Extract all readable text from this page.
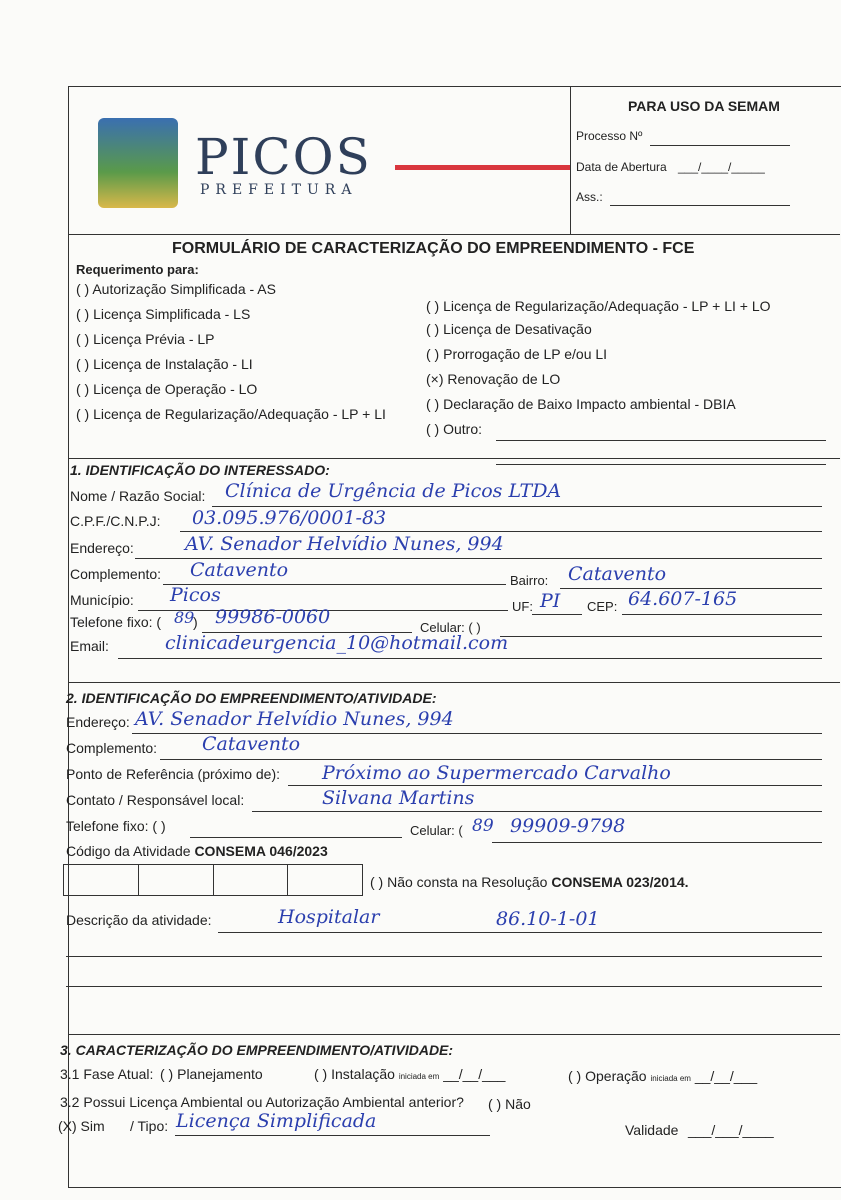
PICOS
PREFEITURA
PARA USO DA SEMAM
Processo Nº
Data de Abertura ___/____/_____
Ass.:
FORMULÁRIO DE CARACTERIZAÇÃO DO EMPREENDIMENTO - FCE
Requerimento para:
( ) Autorização Simplificada - AS
( ) Licença Simplificada - LS
( ) Licença Prévia - LP
( ) Licença de Instalação - LI
( ) Licença de Operação - LO
( ) Licença de Regularização/Adequação - LP + LI
( ) Licença de Regularização/Adequação - LP + LI + LO
( ) Licença de Desativação
( ) Prorrogação de LP e/ou LI
(×) Renovação de LO
( ) Declaração de Baixo Impacto ambiental - DBIA
( ) Outro:
1. IDENTIFICAÇÃO DO INTERESSADO:
Nome / Razão Social: Clínica de Urgência de Picos LTDA
C.P.F./C.N.P.J: 03.095.976/0001-83
Endereço:	AV. Senador Helvídio Nunes, 994
Complemento: Catavento	Bairro: Catavento
Município: Picos
UF: PI CEP: 64.607-165
Telefone fixo: ( 89
) 99986-0060	Celular: ( )
Email:	clinicadeurgencia_10@hotmail.com
2. IDENTIFICAÇÃO DO EMPREENDIMENTO/ATIVIDADE:
Endereço: AV. Senador Helvídio Nunes, 994
Complemento: Catavento
Ponto de Referência (próximo de): Próximo ao Supermercado Carvalho
Contato / Responsável local:	Silvana Martins
Telefone fixo: ( )	Celular: ( 89 99909-9798
Código da Atividade CONSEMA 046/2023
( ) Não consta na Resolução CONSEMA 023/2014.
Descrição da atividade:	Hospitalar	86.10-1-01
3. CARACTERIZAÇÃO DO EMPREENDIMENTO/ATIVIDADE:
3.1 Fase Atual: ( ) Planejamento	( ) Instalação iniciada em __/__/___	( ) Operação iniciada em __/__/___
3.2 Possui Licença Ambiental ou Autorização Ambiental anterior? ( ) Não
(X) Sim / Tipo: Licença Simplificada	Validade ___/___/____
